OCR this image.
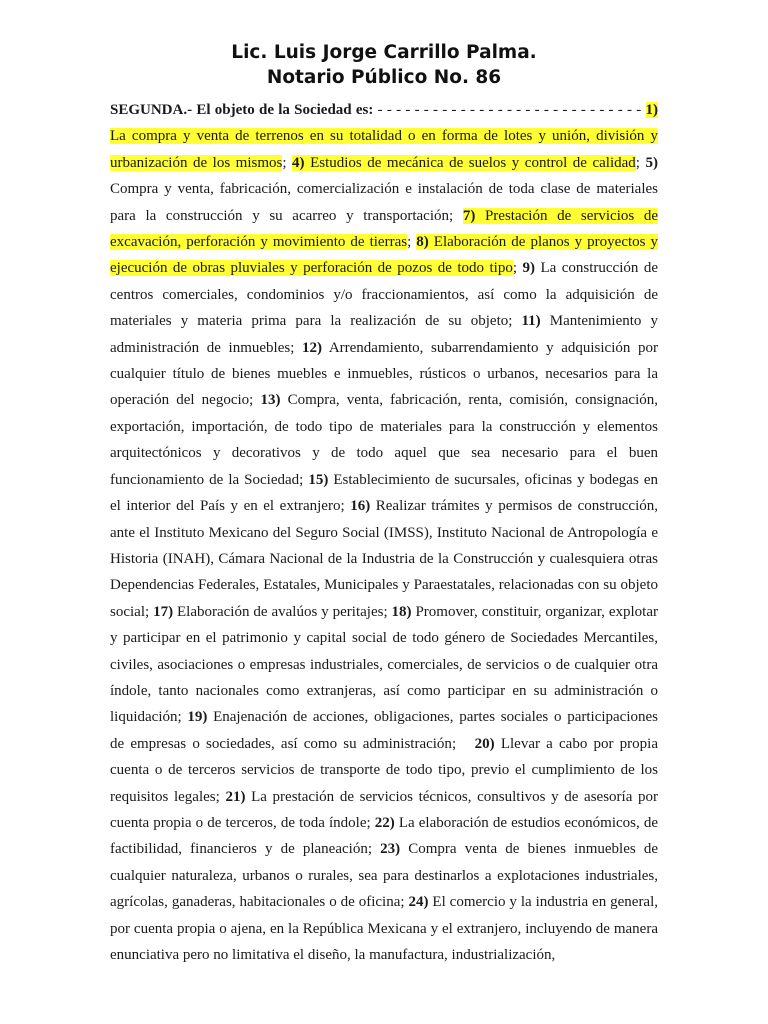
Lic. Luis Jorge Carrillo Palma.

Notario Público No. 86

SEGUNDA.- El objeto de la Sociedad es: - - - - - - - - - - - - - - - - - - - - - - - - - - - - - 1) La compra y venta de terrenos en su totalidad o en forma de lotes y unión, división y urbanización de los mismos; 4) Estudios de mecánica de suelos y control de calidad; 5) Compra y venta, fabricación, comercialización e instalación de toda clase de materiales para la construcción y su acarreo y transportación; 7) Prestación de servicios de excavación, perforación y movimiento de tierras; 8) Elaboración de planos y proyectos y ejecución de obras pluviales y perforación de pozos de todo tipo; 9) La construcción de centros comerciales, condominios y/o fraccionamientos, así como la adquisición de materiales y materia prima para la realización de su objeto; 11) Mantenimiento y administración de inmuebles; 12) Arrendamiento, subarrendamiento y adquisición por cualquier título de bienes muebles e inmuebles, rústicos o urbanos, necesarios para la operación del negocio; 13) Compra, venta, fabricación, renta, comisión, consignación, exportación, importación, de todo tipo de materiales para la construcción y elementos arquitectónicos y decorativos y de todo aquel que sea necesario para el buen funcionamiento de la Sociedad; 15) Establecimiento de sucursales, oficinas y bodegas en el interior del País y en el extranjero; 16) Realizar trámites y permisos de construcción, ante el Instituto Mexicano del Seguro Social (IMSS), Instituto Nacional de Antropología e Historia (INAH), Cámara Nacional de la Industria de la Construcción y cualesquiera otras Dependencias Federales, Estatales, Municipales y Paraestatales, relacionadas con su objeto social; 17) Elaboración de avalúos y peritajes; 18) Promover, constituir, organizar, explotar y participar en el patrimonio y capital social de todo género de Sociedades Mercantiles, civiles, asociaciones o empresas industriales, comerciales, de servicios o de cualquier otra índole, tanto nacionales como extranjeras, así como participar en su administración o liquidación; 19) Enajenación de acciones, obligaciones, partes sociales o participaciones de empresas o sociedades, así como su administración;   20) Llevar a cabo por propia cuenta o de terceros servicios de transporte de todo tipo, previo el cumplimiento de los requisitos legales; 21) La prestación de servicios técnicos, consultivos y de asesoría por cuenta propia o de terceros, de toda índole; 22) La elaboración de estudios económicos, de factibilidad, financieros y de planeación; 23) Compra venta de bienes inmuebles de cualquier naturaleza, urbanos o rurales, sea para destinarlos a explotaciones industriales, agrícolas, ganaderas, habitacionales o de oficina; 24) El comercio y la industria en general, por cuenta propia o ajena, en la República Mexicana y el extranjero, incluyendo de manera enunciativa pero no limitativa el diseño, la manufactura, industrialización,
